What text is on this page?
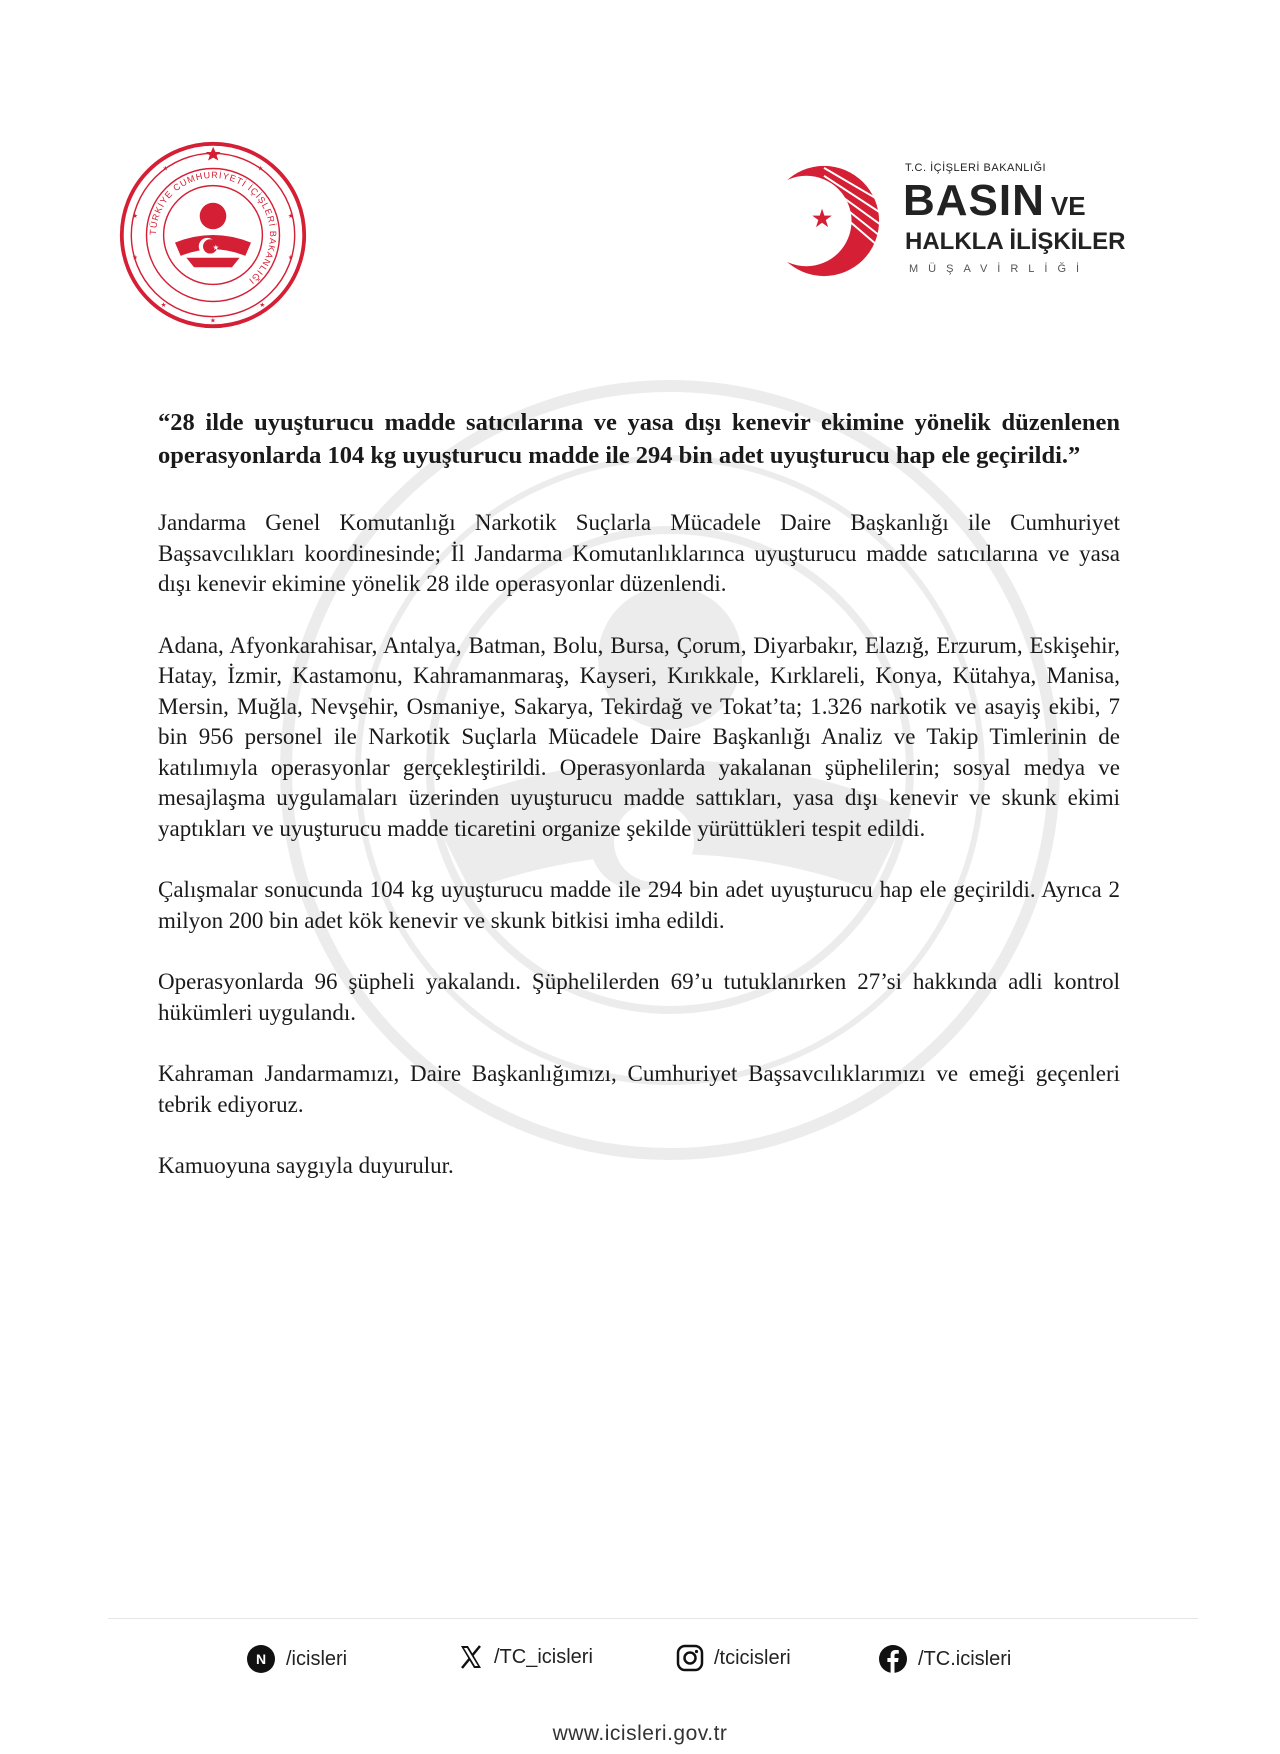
★
★
★
★
★
★
★
★
★
★
TÜRKİYE CUMHURİYETİ İÇİŞLERİ BAKANLIĞI
★
★
T.C. İÇİŞLERİ BAKANLIĞI
BASIN VE
HALKLA İLİŞKİLER
MÜŞAVİRLİĞİ

“28 ilde uyuşturucu madde satıcılarına ve yasa dışı kenevir ekimine yönelik düzenlenen operasyonlarda 104 kg uyuşturucu madde ile 294 bin adet uyuşturucu hap ele geçirildi.”

Jandarma Genel Komutanlığı Narkotik Suçlarla Mücadele Daire Başkanlığı ile Cumhuriyet Başsavcılıkları koordinesinde; İl Jandarma Komutanlıklarınca uyuşturucu madde satıcılarına ve yasa dışı kenevir ekimine yönelik 28 ilde operasyonlar düzenlendi.

Adana, Afyonkarahisar, Antalya, Batman, Bolu, Bursa, Çorum, Diyarbakır, Elazığ, Erzurum, Eskişehir, Hatay, İzmir, Kastamonu, Kahramanmaraş, Kayseri, Kırıkkale, Kırklareli, Konya, Kütahya, Manisa, Mersin, Muğla, Nevşehir, Osmaniye, Sakarya, Tekirdağ ve Tokat’ta; 1.326 narkotik ve asayiş ekibi, 7 bin 956 personel ile Narkotik Suçlarla Mücadele Daire Başkanlığı Analiz ve Takip Timlerinin de katılımıyla operasyonlar gerçekleştirildi. Operasyonlarda yakalanan şüphelilerin; sosyal medya ve mesajlaşma uygulamaları üzerinden uyuşturucu madde sattıkları, yasa dışı kenevir ve skunk ekimi yaptıkları ve uyuşturucu madde ticaretini organize şekilde yürüttükleri tespit edildi.

Çalışmalar sonucunda 104 kg uyuşturucu madde ile 294 bin adet uyuşturucu hap ele geçirildi. Ayrıca 2 milyon 200 bin adet kök kenevir ve skunk bitkisi imha edildi.

Operasyonlarda 96 şüpheli yakalandı. Şüphelilerden 69’u tutuklanırken 27’si hakkında adli kontrol hükümleri uygulandı.

Kahraman Jandarmamızı, Daire Başkanlığımızı, Cumhuriyet Başsavcılıklarımızı ve emeği geçenleri tebrik ediyoruz.

Kamuoyuna saygıyla duyurulur.

N /icisleri	/TC_icisleri	/tcicisleri	/TC.icisleri
www.icisleri.gov.tr
